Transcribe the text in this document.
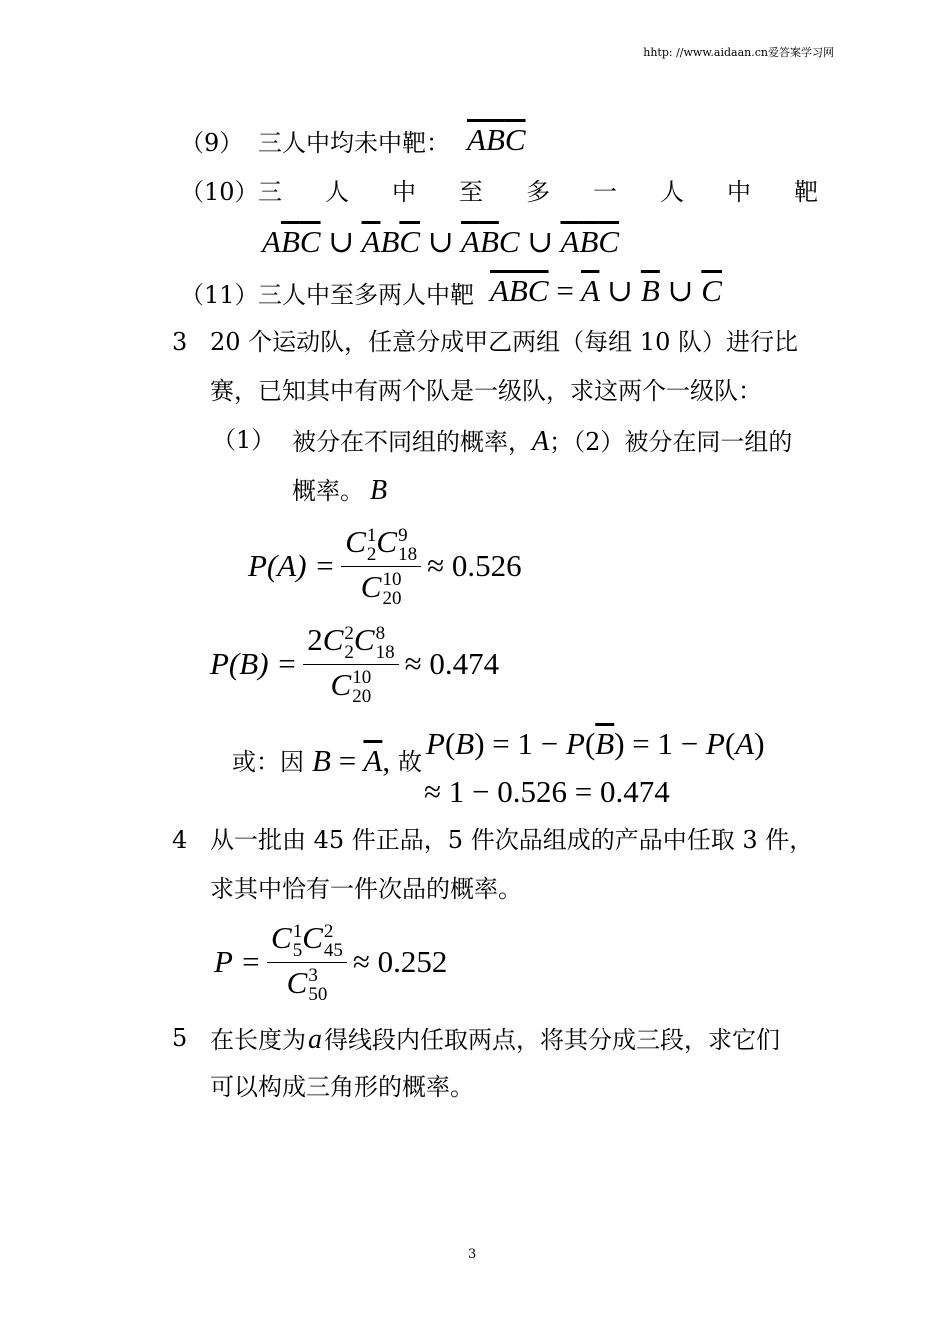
hhtp: //www.aidaan.cn爱答案学习网
（9） 三人中均未中靶： $\overline{A}\overline{B}\overline{C}$
（10） 三 人 中 至 多 一 人 中 靶
$A\overline{B}\overline{C}$ ∪ $\overline{A}B\overline{C}$ ∪ $\overline{A}\overline{B}C$ ∪ $\overline{A}\overline{B}\overline{C}$
（11） 三人中至多两人中靶 $\overline{ABC} = \overline{A}$ ∪ $\overline{B}$ ∪ $\overline{C}$
3 20 个运动队，任意分成甲乙两组（每组 10 队）进行比
赛，已知其中有两个队是一级队，求这两个一级队：
（1） 被分在不同组的概率，A；（2）被分在同一组的
概率。 B
P(A) = C 1
2 C 9
18
C 10
20 ≈ 0.526
P(B) = 2C 2
2 C 8
18
C 10
20 ≈ 0.474
或：因 $B = \overline{A}$, 故
$P(B) = 1 - P(\overline{B}) = 1 - P(A)$
≈ 1 − 0.526 = 0.474
4 从一批由 45 件正品，5 件次品组成的产品中任取 3 件，
求其中恰有一件次品的概率。
P = C 1
5 C 2
45
C 3
50 ≈ 0.252
5 在长度为a得线段内任取两点，将其分成三段，求它们
可以构成三角形的概率。
3
